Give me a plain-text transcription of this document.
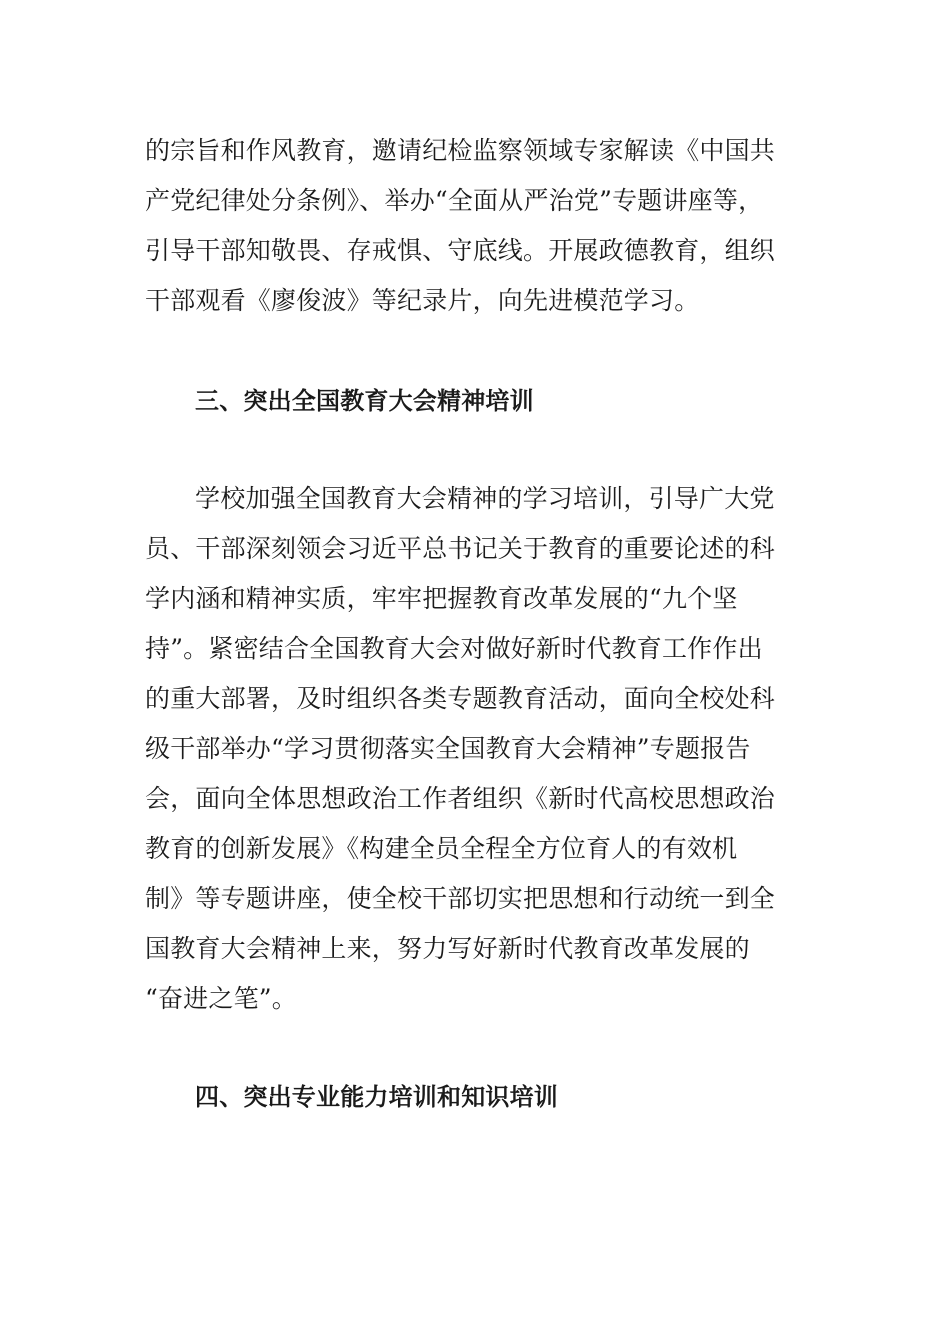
的宗旨和作风教育，邀请纪检监察领域专家解读《中国共
产党纪律处分条例》、举办“全面从严治党”专题讲座等，
引导干部知敬畏、存戒惧、守底线。开展政德教育，组织
干部观看《廖俊波》等纪录片，向先进模范学习。
三、突出全国教育大会精神培训
学校加强全国教育大会精神的学习培训，引导广大党
员、干部深刻领会习近平总书记关于教育的重要论述的科
学内涵和精神实质，牢牢把握教育改革发展的“九个坚
持”。紧密结合全国教育大会对做好新时代教育工作作出
的重大部署，及时组织各类专题教育活动，面向全校处科
级干部举办“学习贯彻落实全国教育大会精神”专题报告
会，面向全体思想政治工作者组织《新时代高校思想政治
教育的创新发展》《构建全员全程全方位育人的有效机
制》等专题讲座，使全校干部切实把思想和行动统一到全
国教育大会精神上来，努力写好新时代教育改革发展的
“奋进之笔”。
四、突出专业能力培训和知识培训
